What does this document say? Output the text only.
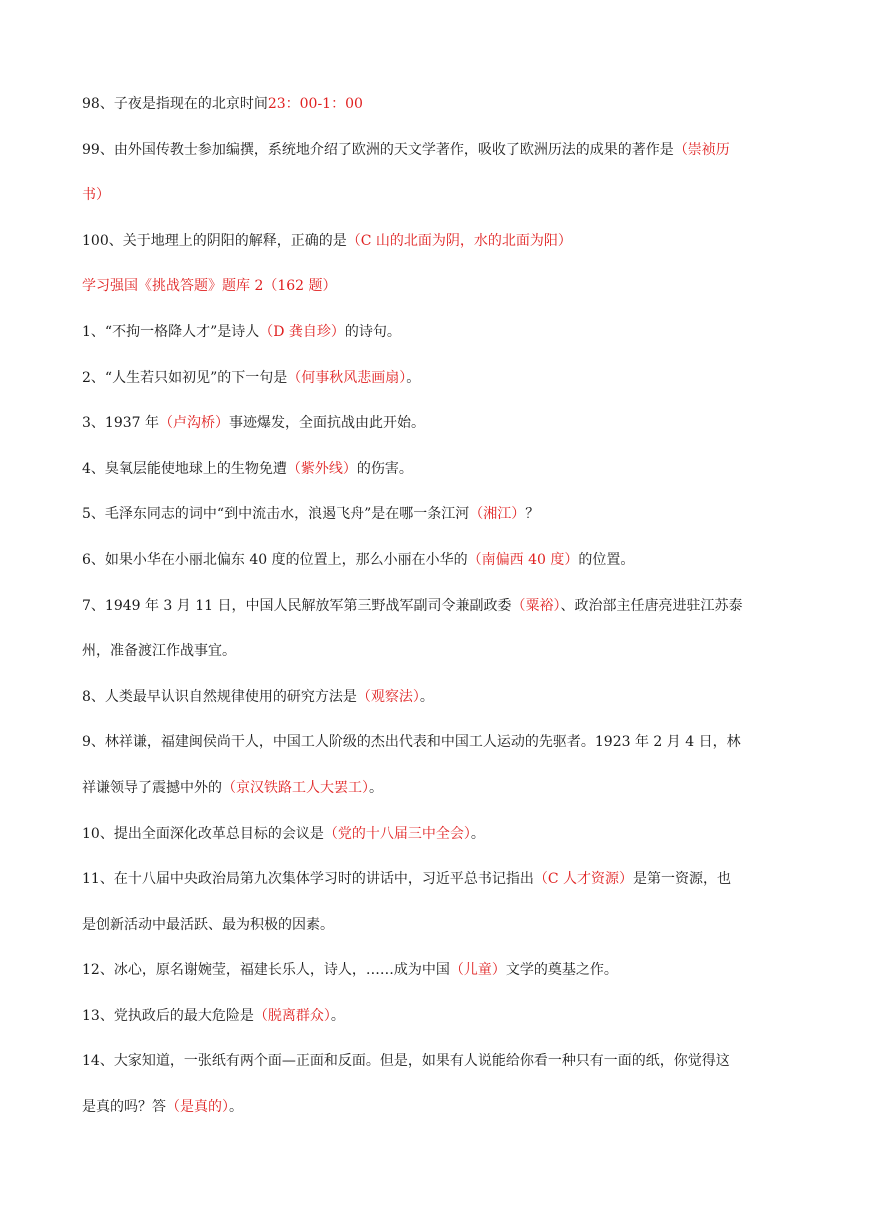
98、子夜是指现在的北京时间23：00-1：00
99、由外国传教士参加编撰，系统地介绍了欧洲的天文学著作，吸收了欧洲历法的成果的著作是（崇祯历
书）
100、关于地理上的阴阳的解释，正确的是（C 山的北面为阴，水的北面为阳）
学习强国《挑战答题》题库 2（162 题）
1、“不拘一格降人才”是诗人（D 龚自珍）的诗句。
2、“人生若只如初见”的下一句是（何事秋风悲画扇）。
3、1937 年（卢沟桥）事迹爆发，全面抗战由此开始。
4、臭氧层能使地球上的生物免遭（紫外线）的伤害。
5、毛泽东同志的词中“到中流击水，浪遏飞舟”是在哪一条江河（湘江）？
6、如果小华在小丽北偏东 40 度的位置上，那么小丽在小华的（南偏西 40 度）的位置。
7、1949 年 3 月 11 日，中国人民解放军第三野战军副司令兼副政委（粟裕）、政治部主任唐亮进驻江苏泰
州，准备渡江作战事宜。
8、人类最早认识自然规律使用的研究方法是（观察法）。
9、林祥谦，福建闽侯尚干人，中国工人阶级的杰出代表和中国工人运动的先驱者。1923 年 2 月 4 日，林
祥谦领导了震撼中外的（京汉铁路工人大罢工）。
10、提出全面深化改革总目标的会议是（党的十八届三中全会）。
11、在十八届中央政治局第九次集体学习时的讲话中，习近平总书记指出（C 人才资源）是第一资源，也
是创新活动中最活跃、最为积极的因素。
12、冰心，原名谢婉莹，福建长乐人，诗人，……成为中国（儿童）文学的奠基之作。
13、党执政后的最大危险是（脱离群众）。
14、大家知道，一张纸有两个面—正面和反面。但是，如果有人说能给你看一种只有一面的纸，你觉得这
是真的吗？答（是真的）。
